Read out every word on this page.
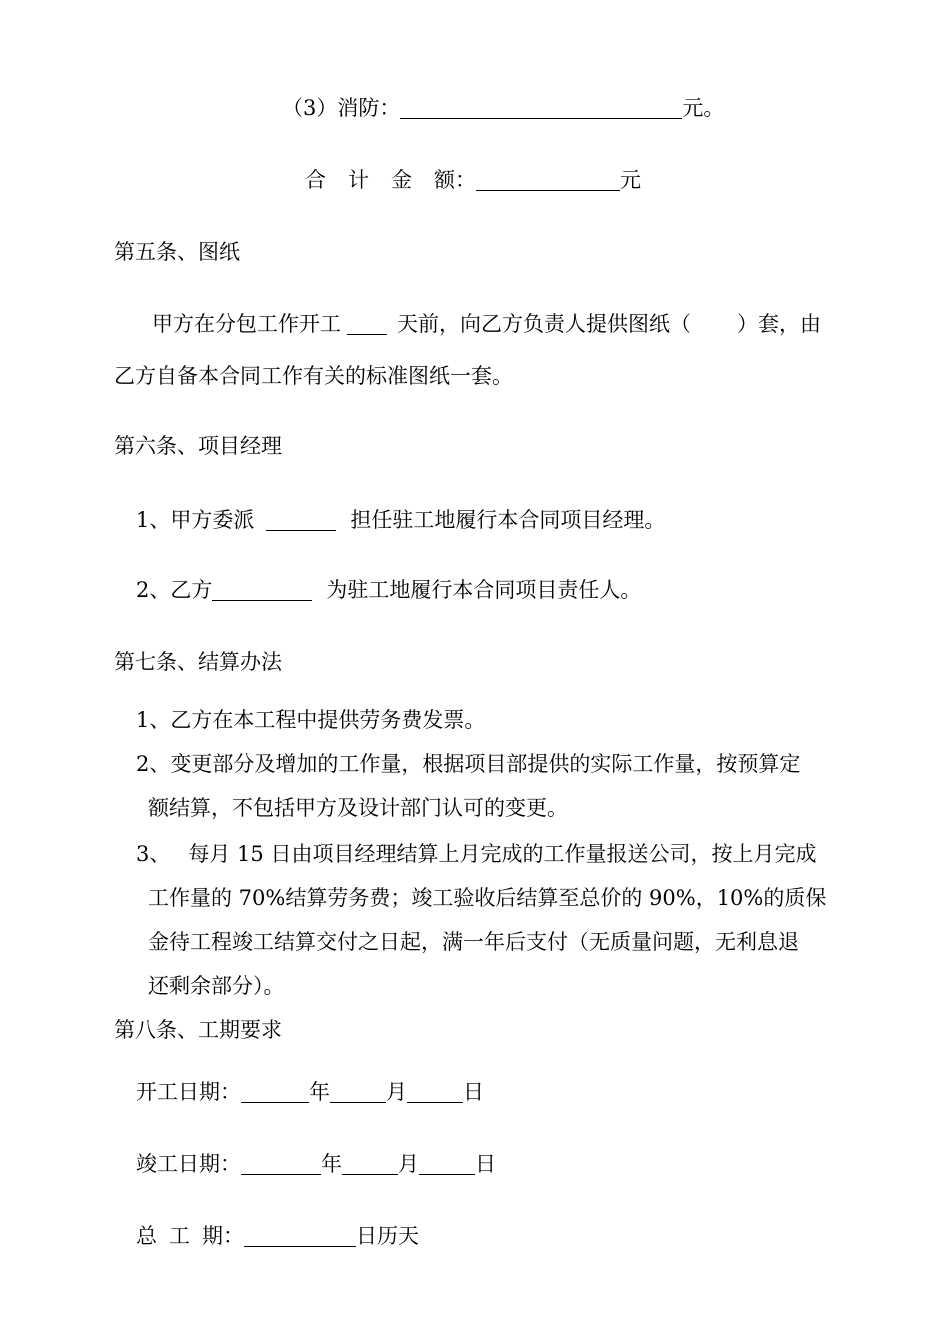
（3）消防：	元。
合 计 金 额：	元
第五条、图纸
甲方在分包工作开工	天前，向乙方负责人提供图纸（ ）套，由
乙方自备本合同工作有关的标准图纸一套。
第六条、项目经理
1、甲方委派	担任驻工地履行本合同项目经理。
2、乙方	为驻工地履行本合同项目责任人。
第七条、结算办法
1、乙方在本工程中提供劳务费发票。
2、变更部分及增加的工作量，根据项目部提供的实际工作量，按预算定
额结算，不包括甲方及设计部门认可的变更。
3、 每月 15 日由项目经理结算上月完成的工作量报送公司，按上月完成
工作量的 70%结算劳务费；竣工验收后结算至总价的 90%，10%的质保
金待工程竣工结算交付之日起，满一年后支付（无质量问题，无利息退
还剩余部分）。
第八条、工期要求
开工日期：	年	月	日
竣工日期：	年	月	日
总 工 期：	日历天
